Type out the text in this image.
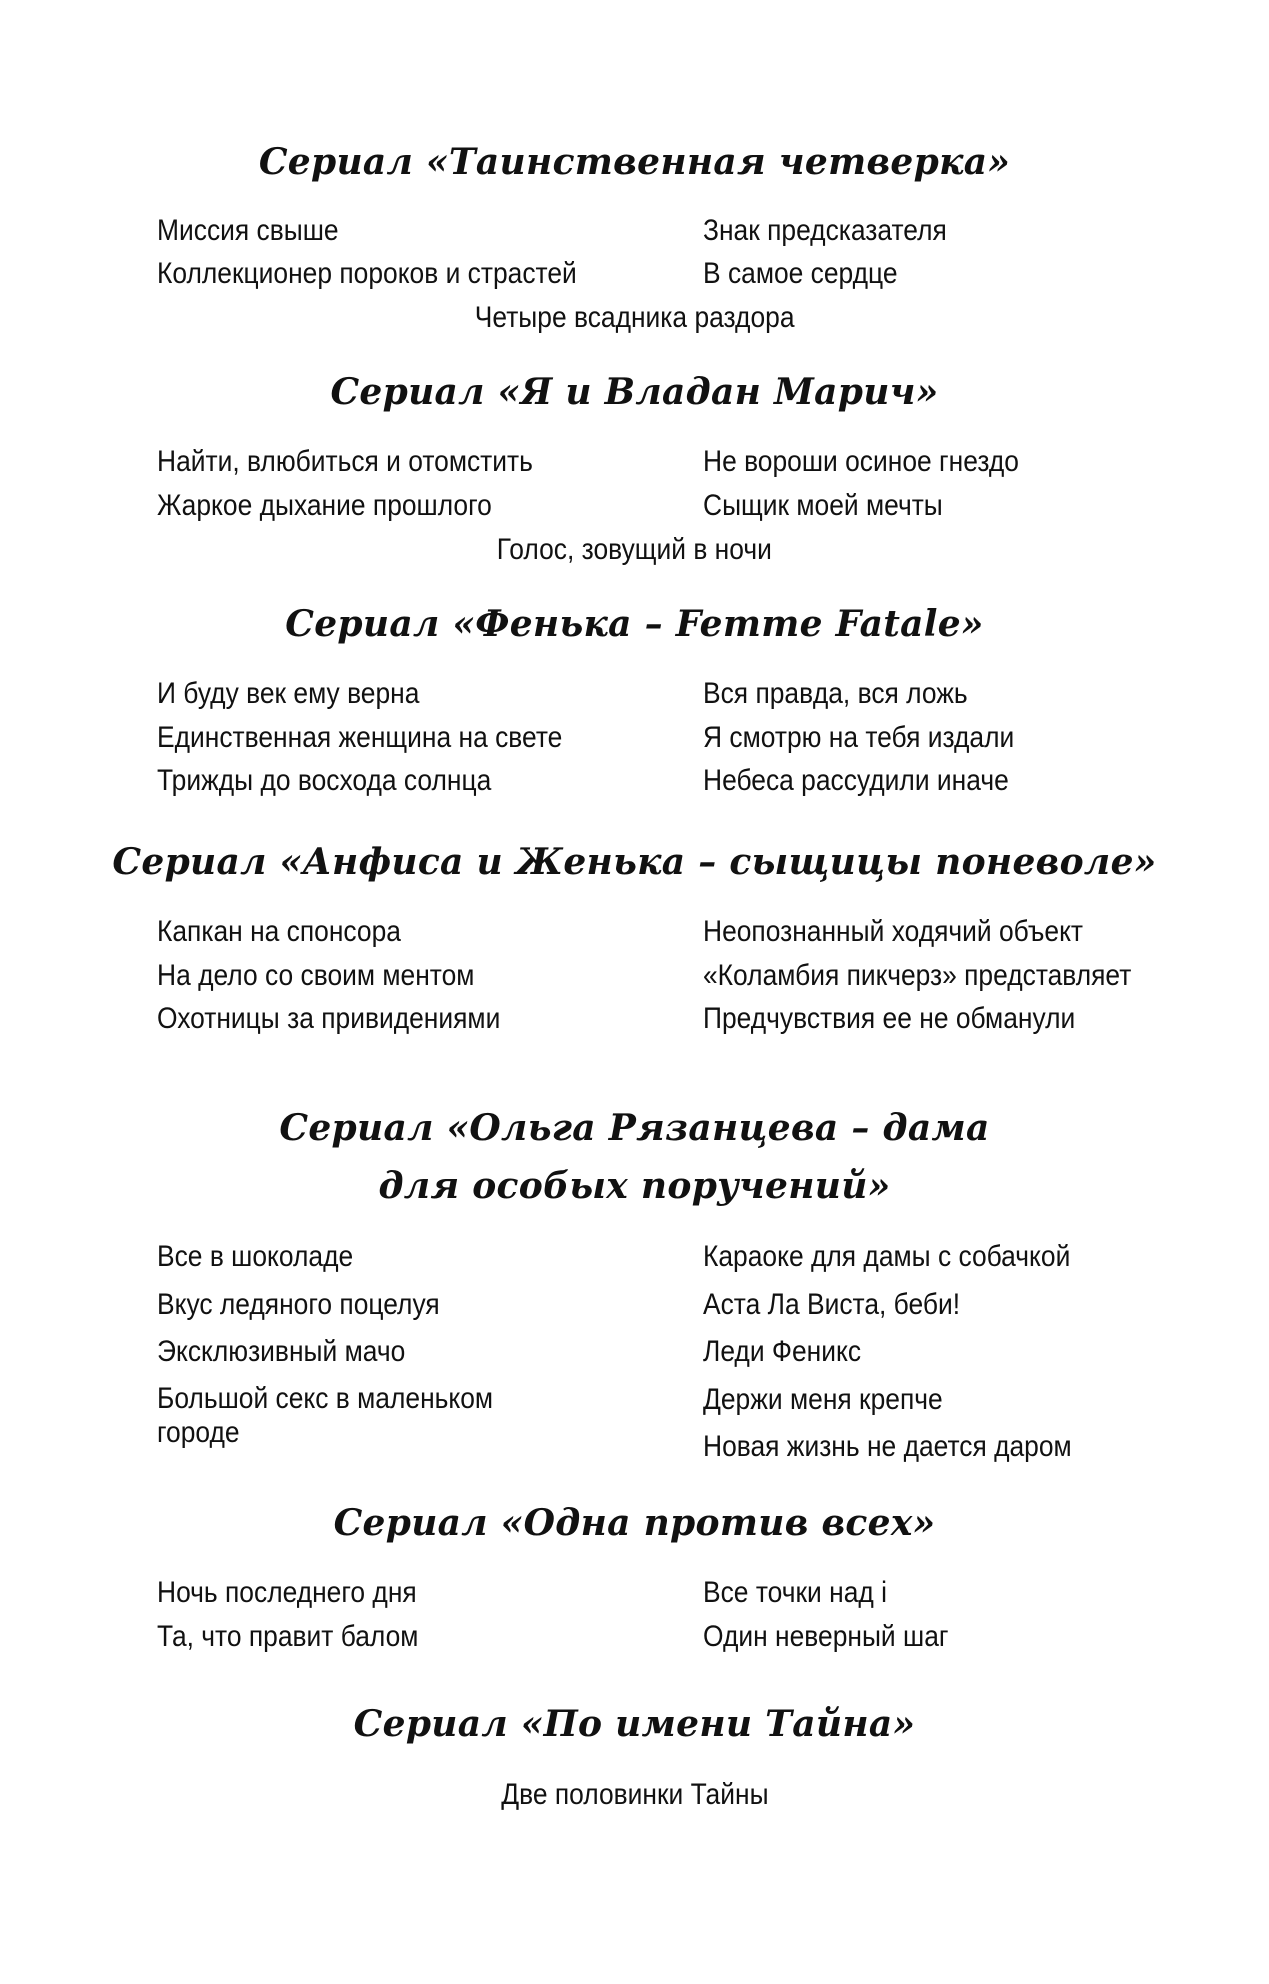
Сериал «Таинственная четверка»
Миссия свыше
Коллекционер пороков и страстей
Знак предсказателя
В самое сердце
Четыре всадника раздора
Сериал «Я и Владан Марич»
Найти, влюбиться и отомстить
Жаркое дыхание прошлого
Не вороши осиное гнездо
Сыщик моей мечты
Голос, зовущий в ночи
Сериал «Фенька – Femme Fatale»
И буду век ему верна
Единственная женщина на свете
Трижды до восхода солнца
Вся правда, вся ложь
Я смотрю на тебя издали
Небеса рассудили иначе
Сериал «Анфиса и Женька – сыщицы поневоле»
Капкан на спонсора
На дело со своим ментом
Охотницы за привидениями
Неопознанный ходячий объект
«Коламбия пикчерз» представляет
Предчувствия ее не обманули
Сериал «Ольга Рязанцева – дама
для особых поручений»
Все в шоколаде
Вкус ледяного поцелуя
Эксклюзивный мачо
Большой секс в маленьком городе
Караоке для дамы с собачкой
Аста Ла Виста, беби!
Леди Феникс
Держи меня крепче
Новая жизнь не дается даром
Сериал «Одна против всех»
Ночь последнего дня
Та, что правит балом
Все точки над i
Один неверный шаг
Сериал «По имени Тайна»
Две половинки Тайны
